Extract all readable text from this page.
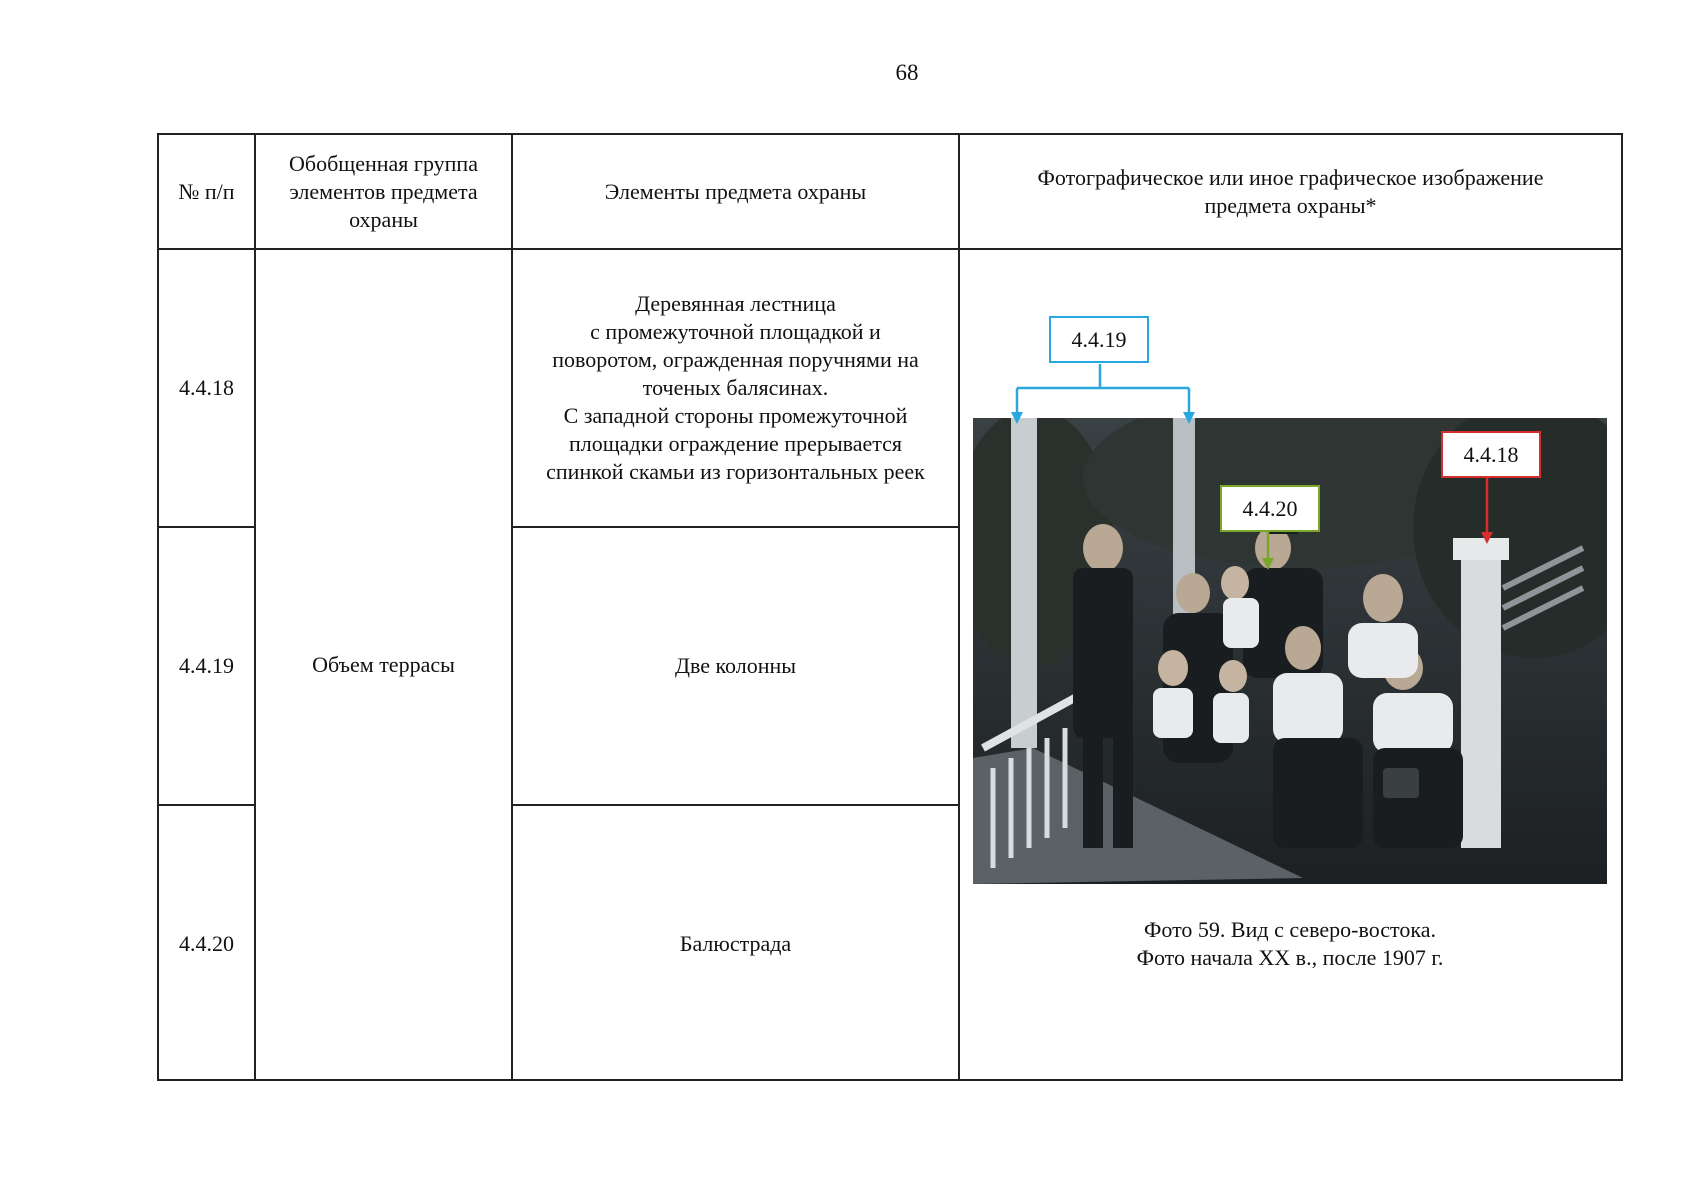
68
№ п/п
Обобщенная группа
элементов предмета
охраны
Элементы предмета охраны
Фотографическое или иное графическое изображение
предмета охраны*
4.4.18
4.4.19
4.4.20
Объем террасы
Деревянная лестница
с промежуточной площадкой и
поворотом, огражденная поручнями на
точеных балясинах.
С западной стороны промежуточной
площадки ограждение прерывается
спинкой скамьи из горизонтальных реек
Две колонны
Балюстрада
4.4.19
4.4.20
4.4.18
Фото 59. Вид с северо-востока.
Фото начала XX в., после 1907 г.
